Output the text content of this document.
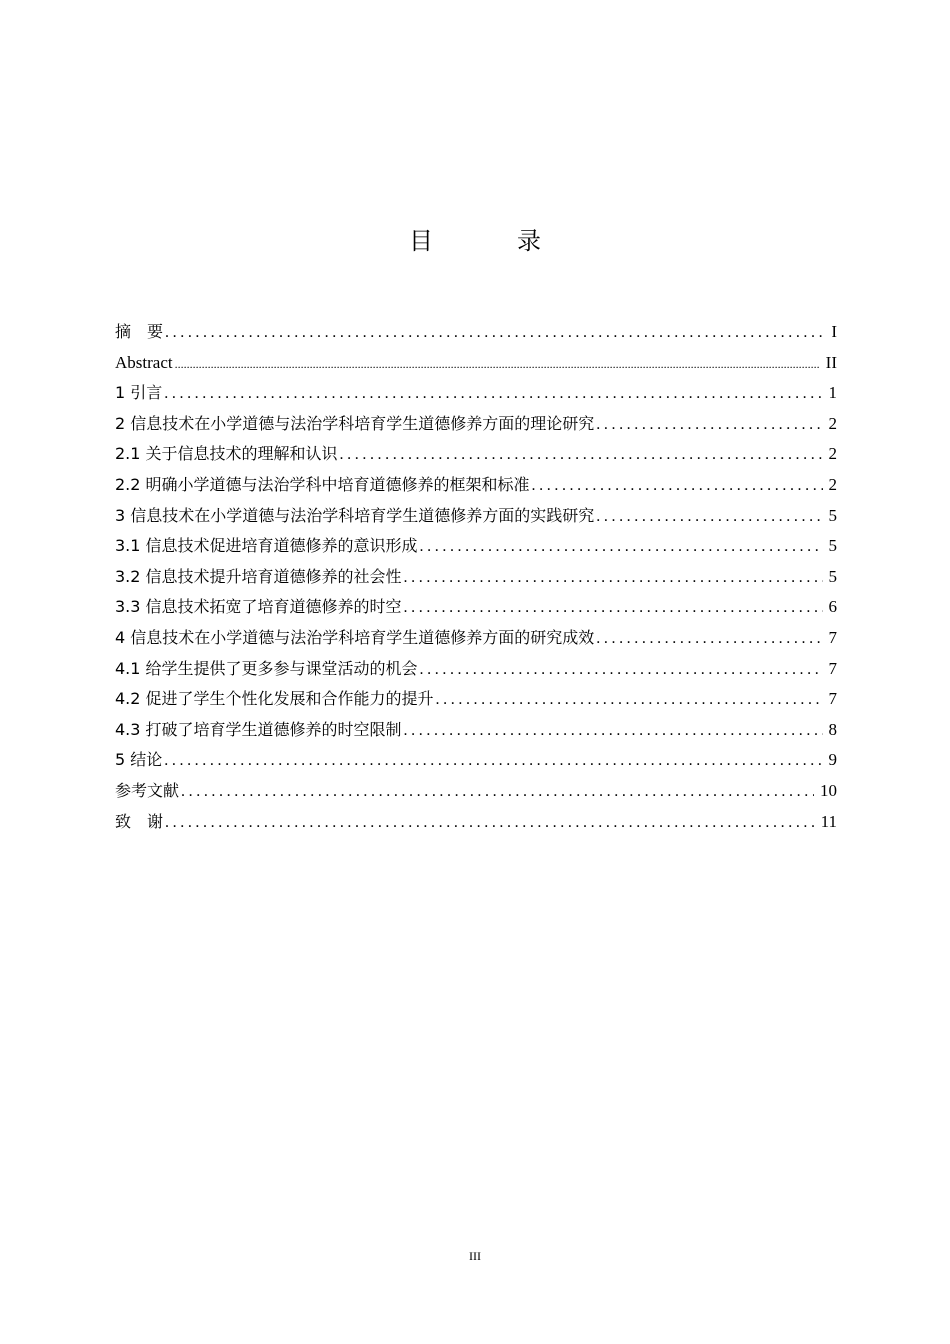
目	录
摘　要 .....	I
Abstract .....	II
1 引言 .....	1
2 信息技术在小学道德与法治学科培育学生道德修养方面的理论研究 .....	2
2.1 关于信息技术的理解和认识 .....	2
2.2 明确小学道德与法治学科中培育道德修养的框架和标准 .....	2
3 信息技术在小学道德与法治学科培育学生道德修养方面的实践研究 .....	5
3.1 信息技术促进培育道德修养的意识形成 .....	5
3.2 信息技术提升培育道德修养的社会性 .....	5
3.3 信息技术拓宽了培育道德修养的时空 .....	6
4 信息技术在小学道德与法治学科培育学生道德修养方面的研究成效 .....	7
4.1 给学生提供了更多参与课堂活动的机会 .....	7
4.2 促进了学生个性化发展和合作能力的提升 .....	7
4.3 打破了培育学生道德修养的时空限制 .....	8
5 结论 .....	9
参考文献 .....	10
致　谢 .....	11
III
